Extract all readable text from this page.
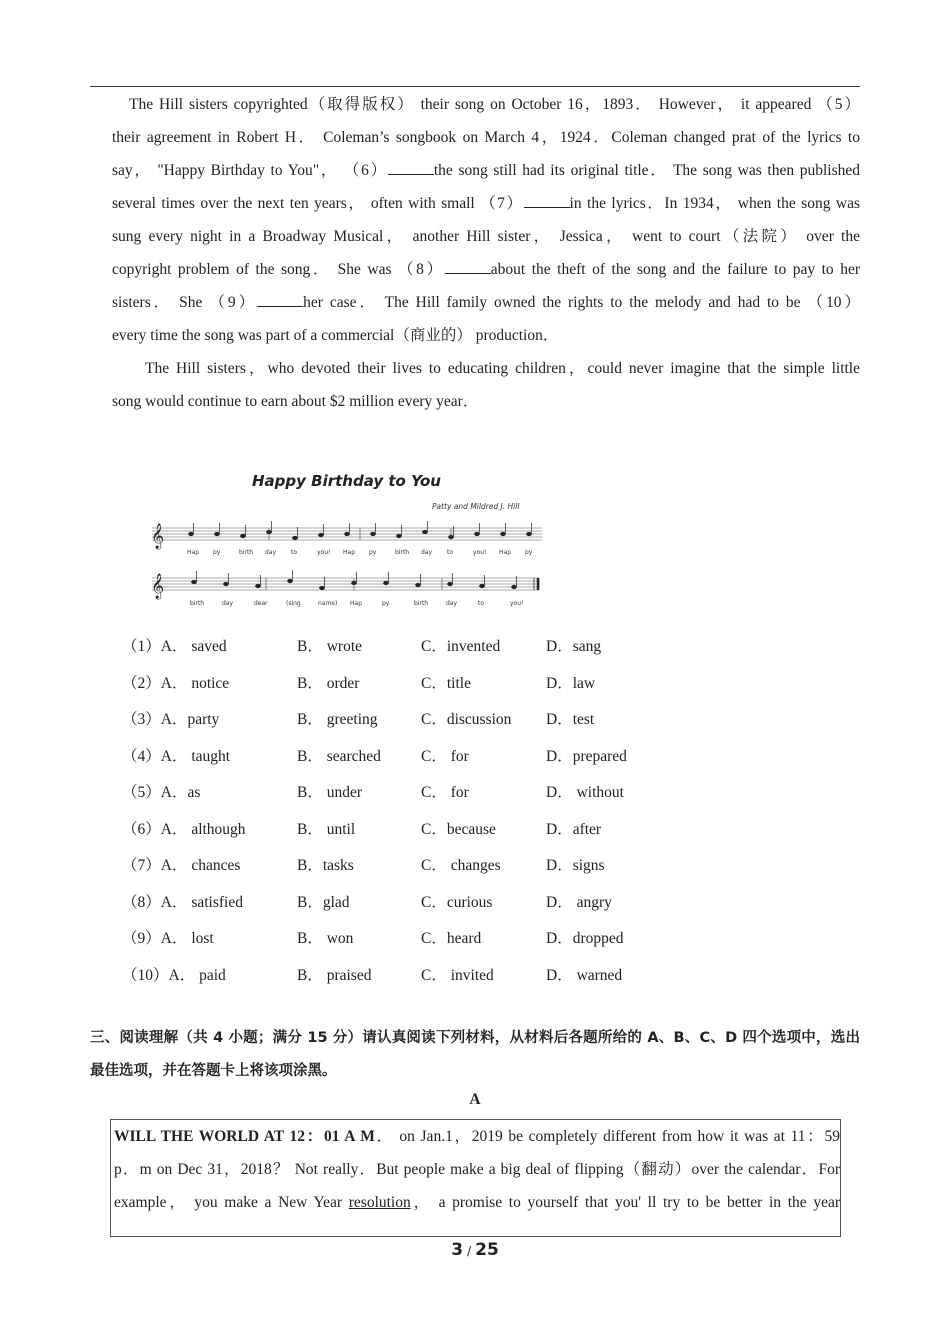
The Hill sisters copyrighted（取得版权） their song on October 16，1893． However， it appeared （5）

their agreement in Robert H． Coleman’s songbook on March 4，1924．Coleman changed prat of the lyrics to

say， "Happy Birthday to You"， （6）	the song still had its original title． The song was then published

several times over the next ten years， often with small （7）	in the lyrics．In 1934， when the song was

sung every night in a Broadway Musical， another Hill sister， Jessica， went to court（法院） over the

copyright problem of the song． She was （8）	about the theft of the song and the failure to pay to her

sisters． She （9）	her case． The Hill family owned the rights to the melody and had to be （10）

every time the song was part of a commercial（商业的） production．

The Hill sisters，who devoted their lives to educating children，could never imagine that the simple little

song would continue to earn about $2 million every year．

Happy Birthday to You
Patty and Mildred J. Hill
𝄞
𝄞
Hap py	birth day to	you! Hap py	birth day to	you! Hap py
birth	day	dear	(sing	name) Hap	py	birth	day	to	you!
（1）A． saved	B． wrote	C．invented	D．sang
（2）A． notice	B． order	C．title	D．law
（3）A．party	B． greeting	C．discussion D．test
（4）A． taught	B． searched	C． for	D．prepared
（5）A．as	B． under	C． for	D． without
（6）A． although	B． until	C．because	D．after
（7）A． chances	B．tasks	C． changes	D．signs
（8）A． satisfied	B．glad	C．curious	D． angry
（9）A． lost	B． won	C．heard	D．dropped
（10）A． paid	B． praised	C． invited	D． warned
三、阅读理解（共 4 小题；满分 15 分）请认真阅读下列材料，从材料后各题所给的 A、B、C、D 四个选项中，选出最佳选项，并在答题卡上将该项涂黑。
A

WILL THE WORLD AT 12：01 A M． on Jan.1，2019 be completely different from how it was at 11：59

p．m on Dec 31，2018？ Not really．But people make a big deal of flipping（翻动）over the calendar．For

example， you make a New Year resolution， a promise to yourself that you' ll try to be better in the year

3 / 25
